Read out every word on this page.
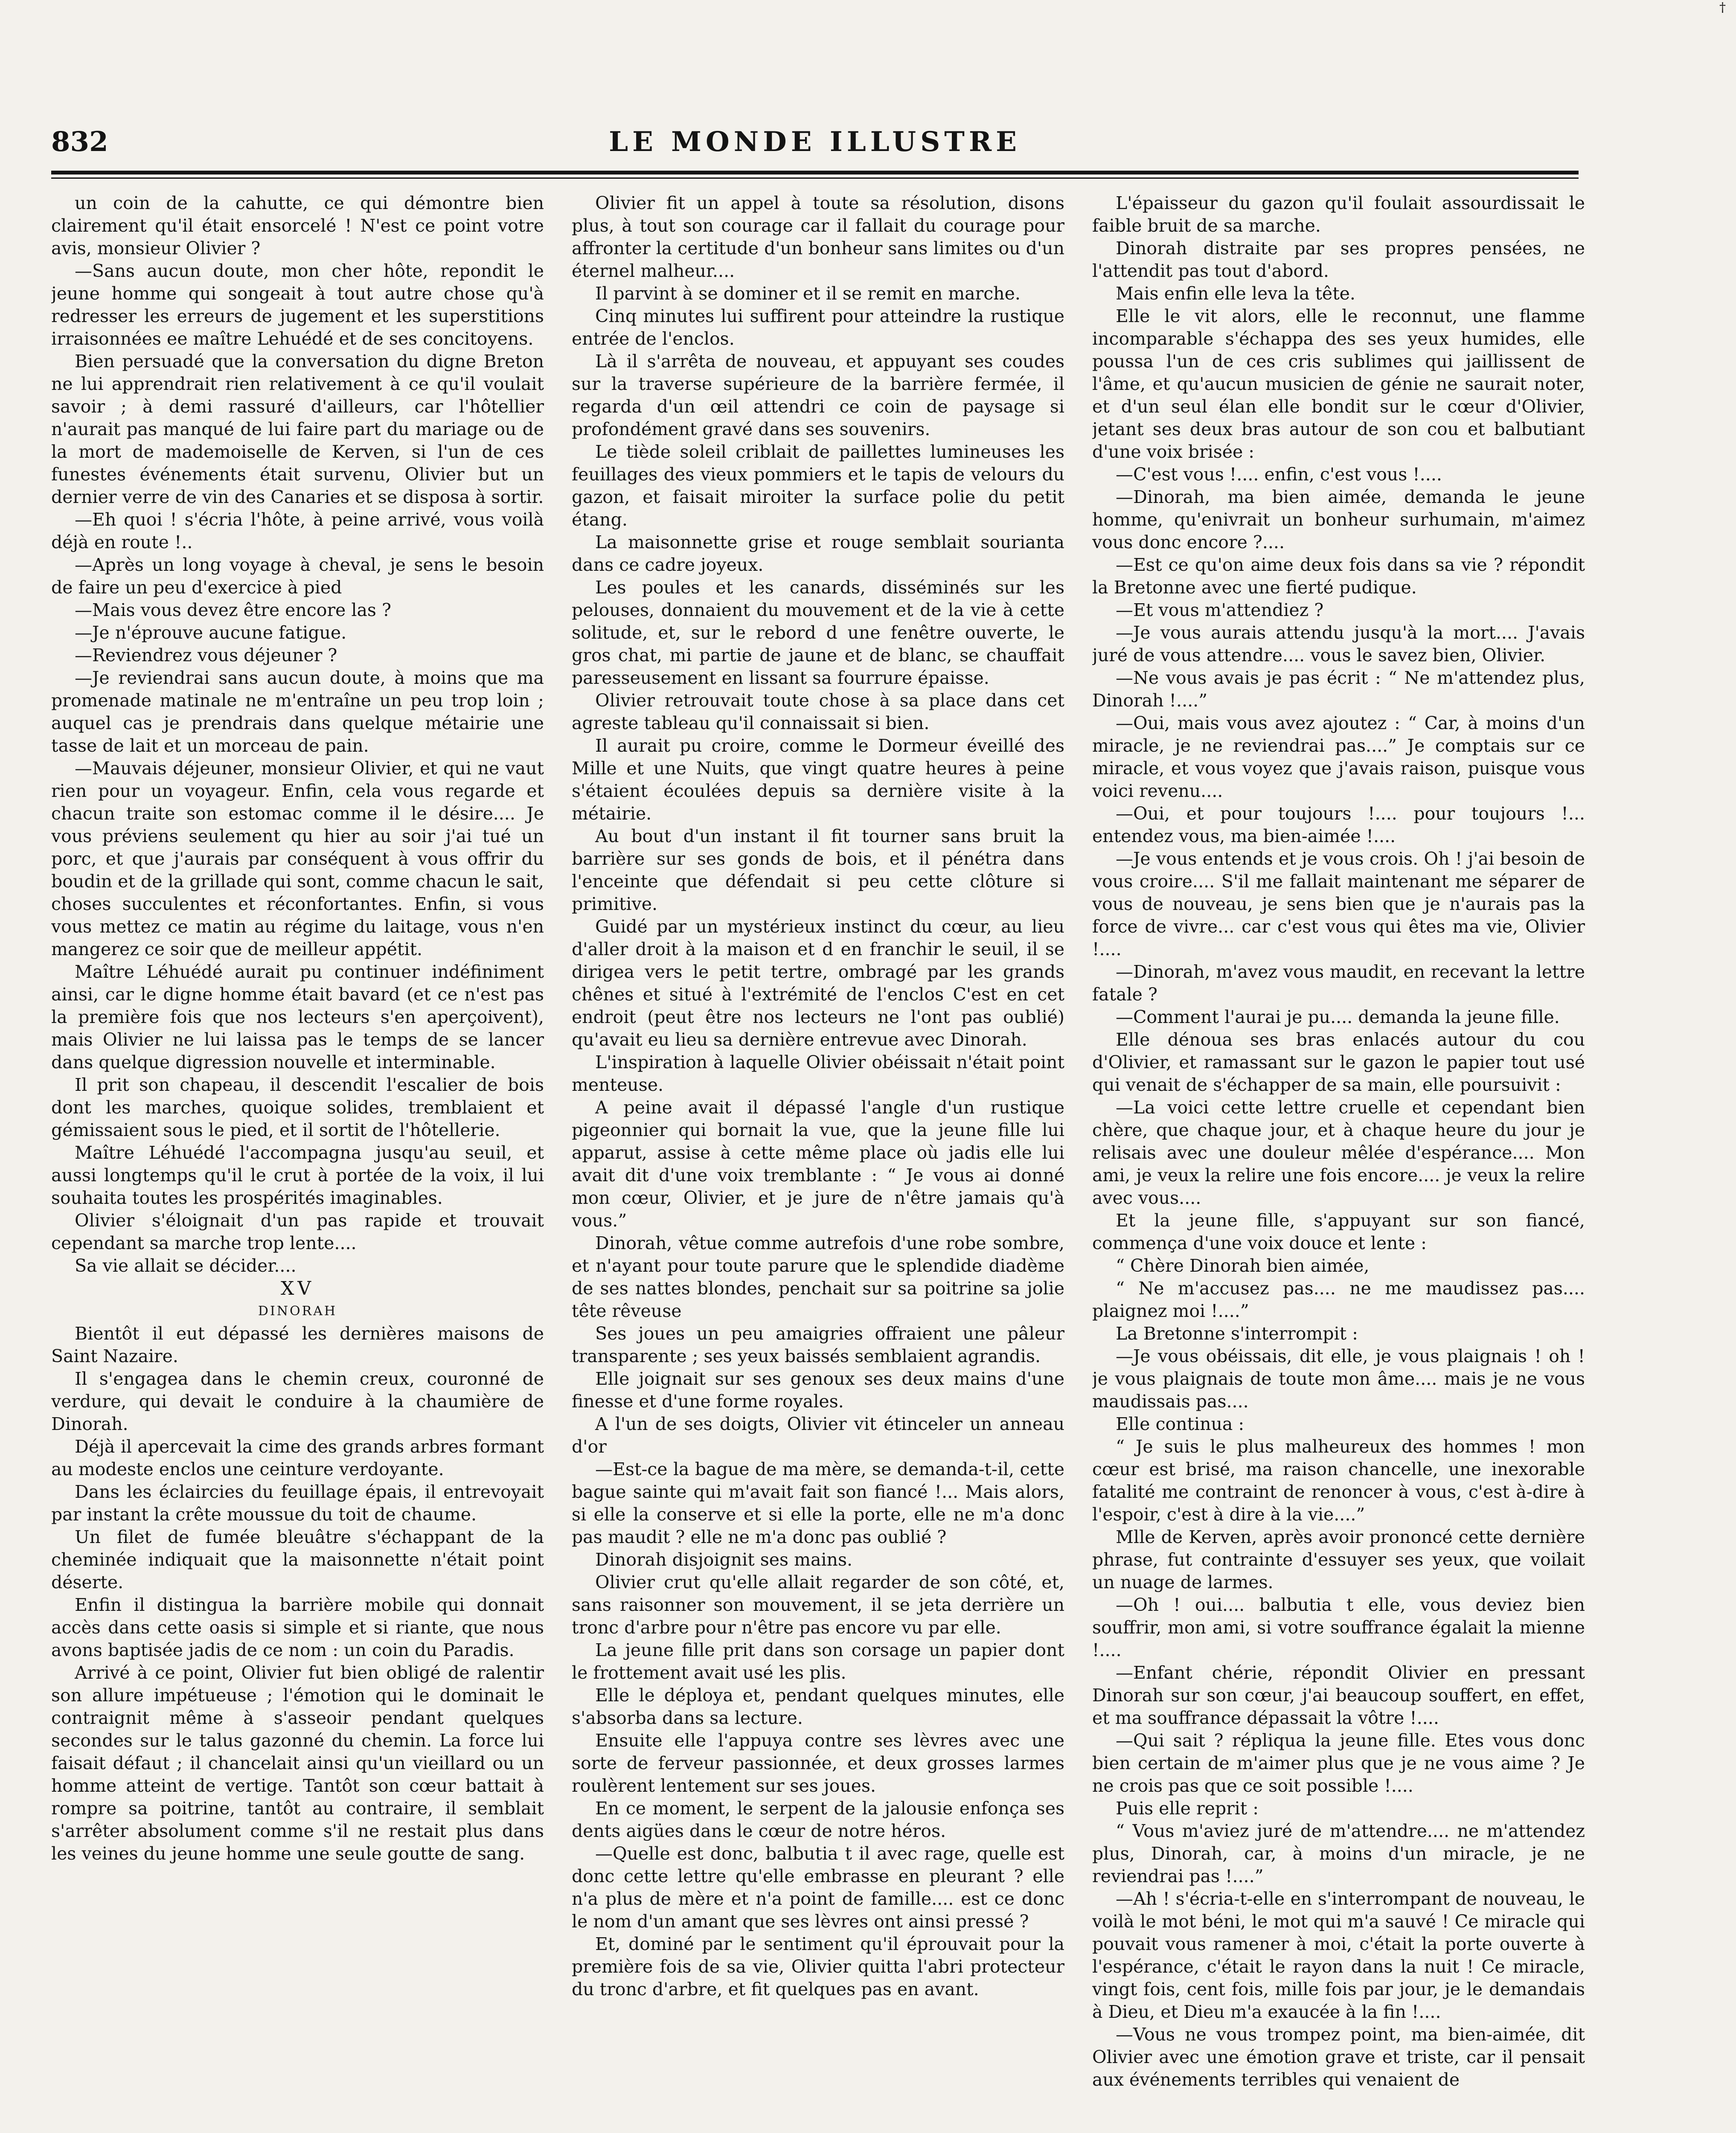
832	LE MONDE ILLUSTRE
†

un coin de la cahutte, ce qui démontre bien clairement qu'il était ensorcelé ! N'est ce point votre avis, monsieur Olivier ?

—Sans aucun doute, mon cher hôte, repondit le jeune homme qui songeait à tout autre chose qu'à redresser les erreurs de jugement et les superstitions irraisonnées ee maître Lehuédé et de ses concitoyens.

Bien persuadé que la conversation du digne Breton ne lui apprendrait rien relativement à ce qu'il voulait savoir ; à demi rassuré d'ailleurs, car l'hôtellier n'aurait pas manqué de lui faire part du mariage ou de la mort de mademoiselle de Kerven, si l'un de ces funestes événements était survenu, Olivier but un dernier verre de vin des Canaries et se disposa à sortir.

—Eh quoi ! s'écria l'hôte, à peine arrivé, vous voilà déjà en route !..

—Après un long voyage à cheval, je sens le besoin de faire un peu d'exercice à pied

—Mais vous devez être encore las ?

—Je n'éprouve aucune fatigue.

—Reviendrez vous déjeuner ?

—Je reviendrai sans aucun doute, à moins que ma promenade matinale ne m'entraîne un peu trop loin ; auquel cas je prendrais dans quelque métairie une tasse de lait et un morceau de pain.

—Mauvais déjeuner, monsieur Olivier, et qui ne vaut rien pour un voyageur. Enfin, cela vous regarde et chacun traite son estomac comme il le désire.... Je vous préviens seulement qu hier au soir j'ai tué un porc, et que j'aurais par conséquent à vous offrir du boudin et de la grillade qui sont, comme chacun le sait, choses succulentes et réconfortantes. Enfin, si vous vous mettez ce matin au régime du laitage, vous n'en mangerez ce soir que de meilleur appétit.

Maître Léhuédé aurait pu continuer indéfiniment ainsi, car le digne homme était bavard (et ce n'est pas la première fois que nos lecteurs s'en aperçoivent), mais Olivier ne lui laissa pas le temps de se lancer dans quelque digression nouvelle et interminable.

Il prit son chapeau, il descendit l'escalier de bois dont les marches, quoique solides, tremblaient et gémissaient sous le pied, et il sortit de l'hôtellerie.

Maître Léhuédé l'accompagna jusqu'au seuil, et aussi longtemps qu'il le crut à portée de la voix, il lui souhaita toutes les prospérités imaginables.

Olivier s'éloignait d'un pas rapide et trouvait cependant sa marche trop lente....

Sa vie allait se décider....

XV

DINORAH

Bientôt il eut dépassé les dernières maisons de Saint Nazaire.

Il s'engagea dans le chemin creux, couronné de verdure, qui devait le conduire à la chaumière de Dinorah.

Déjà il apercevait la cime des grands arbres formant au modeste enclos une ceinture verdoyante.

Dans les éclaircies du feuillage épais, il entrevoyait par instant la crête moussue du toit de chaume.

Un filet de fumée bleuâtre s'échappant de la cheminée indiquait que la maisonnette n'était point déserte.

Enfin il distingua la barrière mobile qui donnait accès dans cette oasis si simple et si riante, que nous avons baptisée jadis de ce nom : un coin du Paradis.

Arrivé à ce point, Olivier fut bien obligé de ralentir son allure impétueuse ; l'émotion qui le dominait le contraignit même à s'asseoir pendant quelques secondes sur le talus gazonné du chemin. La force lui faisait défaut ; il chancelait ainsi qu'un vieillard ou un homme atteint de vertige. Tantôt son cœur battait à rompre sa poitrine, tantôt au contraire, il semblait s'arrêter absolument comme s'il ne restait plus dans les veines du jeune homme une seule goutte de sang.

Olivier fit un appel à toute sa résolution, disons plus, à tout son courage car il fallait du courage pour affronter la certitude d'un bonheur sans limites ou d'un éternel malheur....

Il parvint à se dominer et il se remit en marche.

Cinq minutes lui suffirent pour atteindre la rustique entrée de l'enclos.

Là il s'arrêta de nouveau, et appuyant ses coudes sur la traverse supérieure de la barrière fermée, il regarda d'un œil attendri ce coin de paysage si profondément gravé dans ses souvenirs.

Le tiède soleil criblait de paillettes lumineuses les feuillages des vieux pommiers et le tapis de velours du gazon, et faisait miroiter la surface polie du petit étang.

La maisonnette grise et rouge semblait sourianta dans ce cadre joyeux.

Les poules et les canards, disséminés sur les pelouses, donnaient du mouvement et de la vie à cette solitude, et, sur le rebord d une fenêtre ouverte, le gros chat, mi partie de jaune et de blanc, se chauffait paresseusement en lissant sa fourrure épaisse.

Olivier retrouvait toute chose à sa place dans cet agreste tableau qu'il connaissait si bien.

Il aurait pu croire, comme le Dormeur éveillé des Mille et une Nuits, que vingt quatre heures à peine s'étaient écoulées depuis sa dernière visite à la métairie.

Au bout d'un instant il fit tourner sans bruit la barrière sur ses gonds de bois, et il pénétra dans l'enceinte que défendait si peu cette clôture si primitive.

Guidé par un mystérieux instinct du cœur, au lieu d'aller droit à la maison et d en franchir le seuil, il se dirigea vers le petit tertre, ombragé par les grands chênes et situé à l'extrémité de l'enclos C'est en cet endroit (peut être nos lecteurs ne l'ont pas oublié) qu'avait eu lieu sa dernière entrevue avec Dinorah.

L'inspiration à laquelle Olivier obéissait n'était point menteuse.

A peine avait il dépassé l'angle d'un rustique pigeonnier qui bornait la vue, que la jeune fille lui apparut, assise à cette même place où jadis elle lui avait dit d'une voix tremblante : “ Je vous ai donné mon cœur, Olivier, et je jure de n'être jamais qu'à vous.”

Dinorah, vêtue comme autrefois d'une robe sombre, et n'ayant pour toute parure que le splendide diadème de ses nattes blondes, penchait sur sa poitrine sa jolie tête rêveuse

Ses joues un peu amaigries offraient une pâleur transparente ; ses yeux baissés semblaient agrandis.

Elle joignait sur ses genoux ses deux mains d'une finesse et d'une forme royales.

A l'un de ses doigts, Olivier vit étinceler un anneau d'or

—Est-ce la bague de ma mère, se demanda-t-il, cette bague sainte qui m'avait fait son fiancé !... Mais alors, si elle la conserve et si elle la porte, elle ne m'a donc pas maudit ? elle ne m'a donc pas oublié ?

Dinorah disjoignit ses mains.

Olivier crut qu'elle allait regarder de son côté, et, sans raisonner son mouvement, il se jeta derrière un tronc d'arbre pour n'être pas encore vu par elle.

La jeune fille prit dans son corsage un papier dont le frottement avait usé les plis.

Elle le déploya et, pendant quelques minutes, elle s'absorba dans sa lecture.

Ensuite elle l'appuya contre ses lèvres avec une sorte de ferveur passionnée, et deux grosses larmes roulèrent lentement sur ses joues.

En ce moment, le serpent de la jalousie enfonça ses dents aigües dans le cœur de notre héros.

—Quelle est donc, balbutia t il avec rage, quelle est donc cette lettre qu'elle embrasse en pleurant ? elle n'a plus de mère et n'a point de famille.... est ce donc le nom d'un amant que ses lèvres ont ainsi pressé ?

Et, dominé par le sentiment qu'il éprouvait pour la première fois de sa vie, Olivier quitta l'abri protecteur du tronc d'arbre, et fit quelques pas en avant.

L'épaisseur du gazon qu'il foulait assourdissait le faible bruit de sa marche.

Dinorah distraite par ses propres pensées, ne l'attendit pas tout d'abord.

Mais enfin elle leva la tête.

Elle le vit alors, elle le reconnut, une flamme incomparable s'échappa des ses yeux humides, elle poussa l'un de ces cris sublimes qui jaillissent de l'âme, et qu'aucun musicien de génie ne saurait noter, et d'un seul élan elle bondit sur le cœur d'Olivier, jetant ses deux bras autour de son cou et balbutiant d'une voix brisée :

—C'est vous !.... enfin, c'est vous !....

—Dinorah, ma bien aimée, demanda le jeune homme, qu'enivrait un bonheur surhumain, m'aimez vous donc encore ?....

—Est ce qu'on aime deux fois dans sa vie ? répondit la Bretonne avec une fierté pudique.

—Et vous m'attendiez ?

—Je vous aurais attendu jusqu'à la mort.... J'avais juré de vous attendre.... vous le savez bien, Olivier.

—Ne vous avais je pas écrit : “ Ne m'attendez plus, Dinorah !....”

—Oui, mais vous avez ajoutez : “ Car, à moins d'un miracle, je ne reviendrai pas....” Je comptais sur ce miracle, et vous voyez que j'avais raison, puisque vous voici revenu....

—Oui, et pour toujours !.... pour toujours !... entendez vous, ma bien-aimée !....

—Je vous entends et je vous crois. Oh ! j'ai besoin de vous croire.... S'il me fallait maintenant me séparer de vous de nouveau, je sens bien que je n'aurais pas la force de vivre... car c'est vous qui êtes ma vie, Olivier !....

—Dinorah, m'avez vous maudit, en recevant la lettre fatale ?

—Comment l'aurai je pu.... demanda la jeune fille.

Elle dénoua ses bras enlacés autour du cou d'Olivier, et ramassant sur le gazon le papier tout usé qui venait de s'échapper de sa main, elle poursuivit :

—La voici cette lettre cruelle et cependant bien chère, que chaque jour, et à chaque heure du jour je relisais avec une douleur mêlée d'espérance.... Mon ami, je veux la relire une fois encore.... je veux la relire avec vous....

Et la jeune fille, s'appuyant sur son fiancé, commença d'une voix douce et lente :

“ Chère Dinorah bien aimée,

“ Ne m'accusez pas.... ne me maudissez pas.... plaignez moi !....”

La Bretonne s'interrompit :

—Je vous obéissais, dit elle, je vous plaignais ! oh ! je vous plaignais de toute mon âme.... mais je ne vous maudissais pas....

Elle continua :

“ Je suis le plus malheureux des hommes ! mon cœur est brisé, ma raison chancelle, une inexorable fatalité me contraint de renoncer à vous, c'est à-dire à l'espoir, c'est à dire à la vie....”

Mlle de Kerven, après avoir prononcé cette dernière phrase, fut contrainte d'essuyer ses yeux, que voilait un nuage de larmes.

—Oh ! oui.... balbutia t elle, vous deviez bien souffrir, mon ami, si votre souffrance égalait la mienne !....

—Enfant chérie, répondit Olivier en pressant Dinorah sur son cœur, j'ai beaucoup souffert, en effet, et ma souffrance dépassait la vôtre !....

—Qui sait ? répliqua la jeune fille. Etes vous donc bien certain de m'aimer plus que je ne vous aime ? Je ne crois pas que ce soit possible !....

Puis elle reprit :

“ Vous m'aviez juré de m'attendre.... ne m'attendez plus, Dinorah, car, à moins d'un miracle, je ne reviendrai pas !....”

—Ah ! s'écria-t-elle en s'interrompant de nouveau, le voilà le mot béni, le mot qui m'a sauvé ! Ce miracle qui pouvait vous ramener à moi, c'était la porte ouverte à l'espérance, c'était le rayon dans la nuit ! Ce miracle, vingt fois, cent fois, mille fois par jour, je le demandais à Dieu, et Dieu m'a exaucée à la fin !....

—Vous ne vous trompez point, ma bien-aimée, dit Olivier avec une émotion grave et triste, car il pensait aux événements terribles qui venaient de
